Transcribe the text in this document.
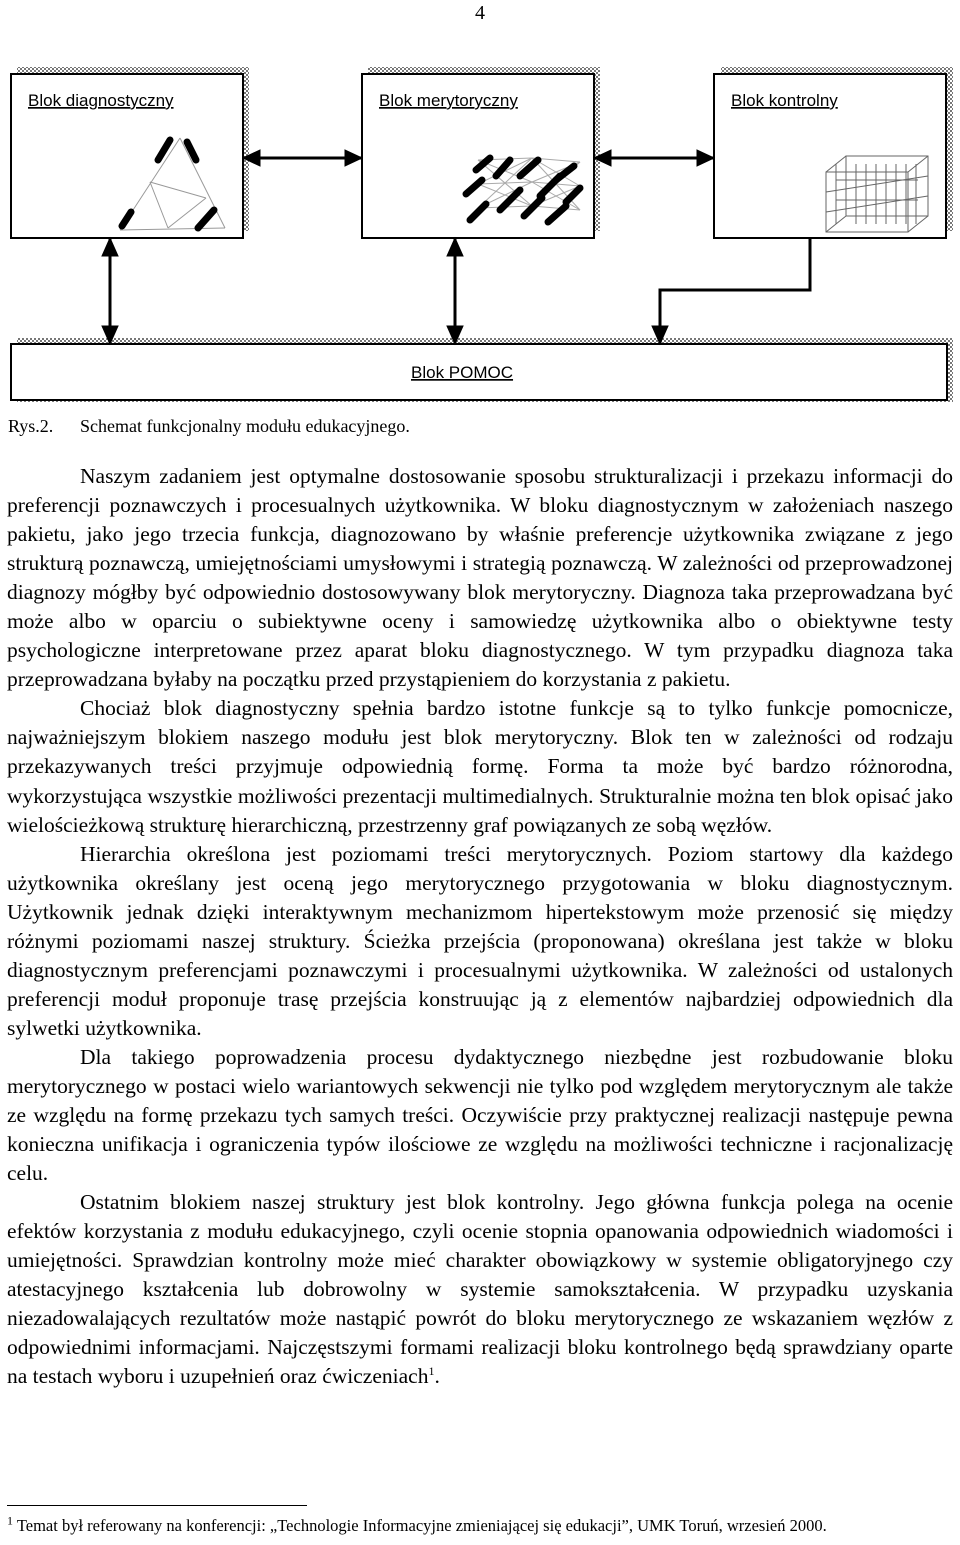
4
Blok diagnostyczny	Blok merytoryczny	Blok kontrolny
Blok POMOC
Rys.2. Schemat funkcjonalny modułu edukacyjnego.

Naszym zadaniem jest optymalne dostosowanie sposobu strukturalizacji i przekazu informacji do preferencji poznawczych i procesualnych użytkownika. W bloku diagnostycznym w założeniach naszego pakietu, jako jego trzecia funkcja, diagnozowano by właśnie preferencje użytkownika związane z jego strukturą poznawczą, umiejętnościami umysłowymi i strategią poznawczą. W zależności od przeprowadzonej diagnozy mógłby być odpowiednio dostosowywany blok merytoryczny. Diagnoza taka przeprowadzana być może albo w oparciu o subiektywne oceny i samowiedzę użytkownika albo o obiektywne testy psychologiczne interpretowane przez aparat bloku diagnostycznego. W tym przypadku diagnoza taka przeprowadzana byłaby na początku przed przystąpieniem do korzystania z pakietu.

Chociaż blok diagnostyczny spełnia bardzo istotne funkcje są to tylko funkcje pomocnicze, najważniejszym blokiem naszego modułu jest blok merytoryczny. Blok ten w zależności od rodzaju przekazywanych treści przyjmuje odpowiednią formę. Forma ta może być bardzo różnorodna, wykorzystująca wszystkie możliwości prezentacji multimedialnych. Strukturalnie można ten blok opisać jako wielościeżkową strukturę hierarchiczną, przestrzenny graf powiązanych ze sobą węzłów.

Hierarchia określona jest poziomami treści merytorycznych. Poziom startowy dla każdego użytkownika określany jest oceną jego merytorycznego przygotowania w bloku diagnostycznym. Użytkownik jednak dzięki interaktywnym mechanizmom hipertekstowym może przenosić się między różnymi poziomami naszej struktury. Ścieżka przejścia (proponowana) określana jest także w bloku diagnostycznym preferencjami poznawczymi i procesualnymi użytkownika. W zależności od ustalonych preferencji moduł proponuje trasę przejścia konstruując ją z elementów najbardziej odpowiednich dla sylwetki użytkownika.

Dla takiego poprowadzenia procesu dydaktycznego niezbędne jest rozbudowanie bloku merytorycznego w postaci wielo wariantowych sekwencji nie tylko pod względem merytorycznym ale także ze względu na formę przekazu tych samych treści. Oczywiście przy praktycznej realizacji następuje pewna konieczna unifikacja i ograniczenia typów ilościowe ze względu na możliwości techniczne i racjonalizację celu.

Ostatnim blokiem naszej struktury jest blok kontrolny. Jego główna funkcja polega na ocenie efektów korzystania z modułu edukacyjnego, czyli ocenie stopnia opanowania odpowiednich wiadomości i umiejętności. Sprawdzian kontrolny może mieć charakter obowiązkowy w systemie obligatoryjnego czy atestacyjnego kształcenia lub dobrowolny w systemie samokształcenia. W przypadku uzyskania niezadowalających rezultatów może nastąpić powrót do bloku merytorycznego ze wskazaniem węzłów z odpowiednimi informacjami. Najczęstszymi formami realizacji bloku kontrolnego będą sprawdziany oparte na testach wyboru i uzupełnień oraz ćwiczeniach$^1$.

$^1$ Temat był referowany na konferencji: „Technologie Informacyjne zmieniającej się edukacji”, UMK Toruń, wrzesień 2000.
